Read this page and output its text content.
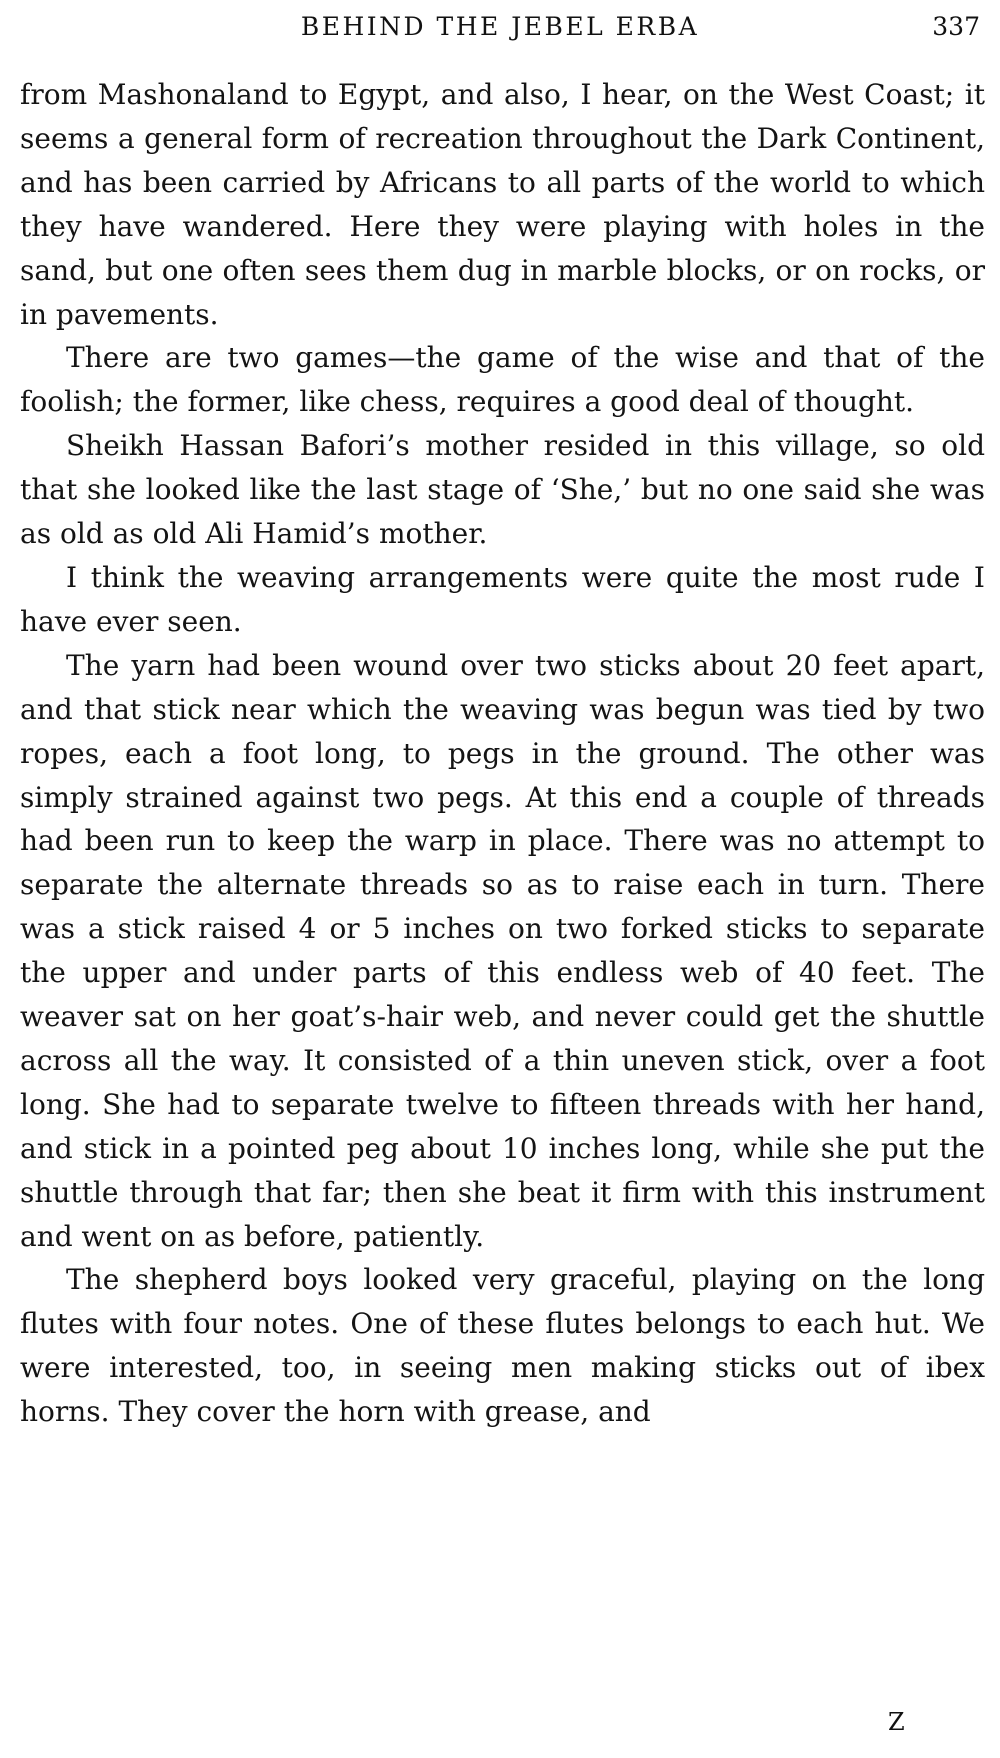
BEHIND THE JEBEL ERBA	337

from Mashonaland to Egypt, and also, I hear, on the West Coast; it seems a general form of recreation throughout the Dark Continent, and has been carried by Africans to all parts of the world to which they have wandered. Here they were playing with holes in the sand, but one often sees them dug in marble blocks, or on rocks, or in pavements.

There are two games—the game of the wise and that of the foolish; the former, like chess, requires a good deal of thought.

Sheikh Hassan Bafori’s mother resided in this village, so old that she looked like the last stage of ‘She,’ but no one said she was as old as old Ali Hamid’s mother.

I think the weaving arrangements were quite the most rude I have ever seen.

The yarn had been wound over two sticks about 20 feet apart, and that stick near which the weaving was begun was tied by two ropes, each a foot long, to pegs in the ground. The other was simply strained against two pegs. At this end a couple of threads had been run to keep the warp in place. There was no attempt to separate the alternate threads so as to raise each in turn. There was a stick raised 4 or 5 inches on two forked sticks to separate the upper and under parts of this endless web of 40 feet. The weaver sat on her goat’s-hair web, and never could get the shuttle across all the way. It consisted of a thin uneven stick, over a foot long. She had to separate twelve to fifteen threads with her hand, and stick in a pointed peg about 10 inches long, while she put the shuttle through that far; then she beat it firm with this instrument and went on as before, patiently.

The shepherd boys looked very graceful, playing on the long flutes with four notes. One of these flutes belongs to each hut. We were interested, too, in seeing men making sticks out of ibex horns. They cover the horn with grease, and

Z
